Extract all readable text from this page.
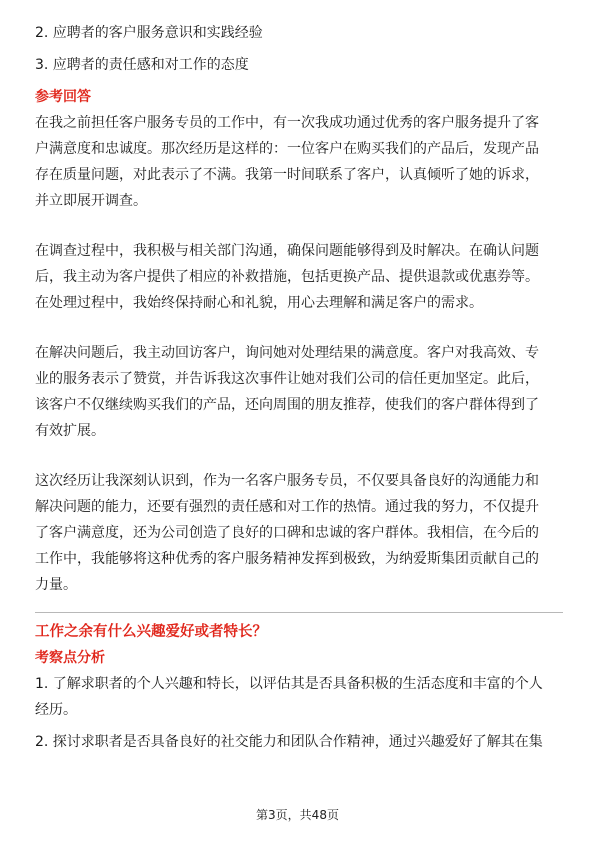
2. 应聘者的客户服务意识和实践经验
3. 应聘者的责任感和对工作的态度
参考回答
在我之前担任客户服务专员的工作中，有一次我成功通过优秀的客户服务提升了客
户满意度和忠诚度。那次经历是这样的：一位客户在购买我们的产品后，发现产品
存在质量问题，对此表示了不满。我第一时间联系了客户，认真倾听了她的诉求，
并立即展开调查。
在调查过程中，我积极与相关部门沟通，确保问题能够得到及时解决。在确认问题
后，我主动为客户提供了相应的补救措施，包括更换产品、提供退款或优惠券等。
在处理过程中，我始终保持耐心和礼貌，用心去理解和满足客户的需求。
在解决问题后，我主动回访客户，询问她对处理结果的满意度。客户对我高效、专
业的服务表示了赞赏，并告诉我这次事件让她对我们公司的信任更加坚定。此后，
该客户不仅继续购买我们的产品，还向周围的朋友推荐，使我们的客户群体得到了
有效扩展。
这次经历让我深刻认识到，作为一名客户服务专员，不仅要具备良好的沟通能力和
解决问题的能力，还要有强烈的责任感和对工作的热情。通过我的努力，不仅提升
了客户满意度，还为公司创造了良好的口碑和忠诚的客户群体。我相信，在今后的
工作中，我能够将这种优秀的客户服务精神发挥到极致，为纳爱斯集团贡献自己的
力量。
工作之余有什么兴趣爱好或者特长？
考察点分析
1. 了解求职者的个人兴趣和特长，以评估其是否具备积极的生活态度和丰富的个人
经历。
2. 探讨求职者是否具备良好的社交能力和团队合作精神，通过兴趣爱好了解其在集
第3页，共48页
